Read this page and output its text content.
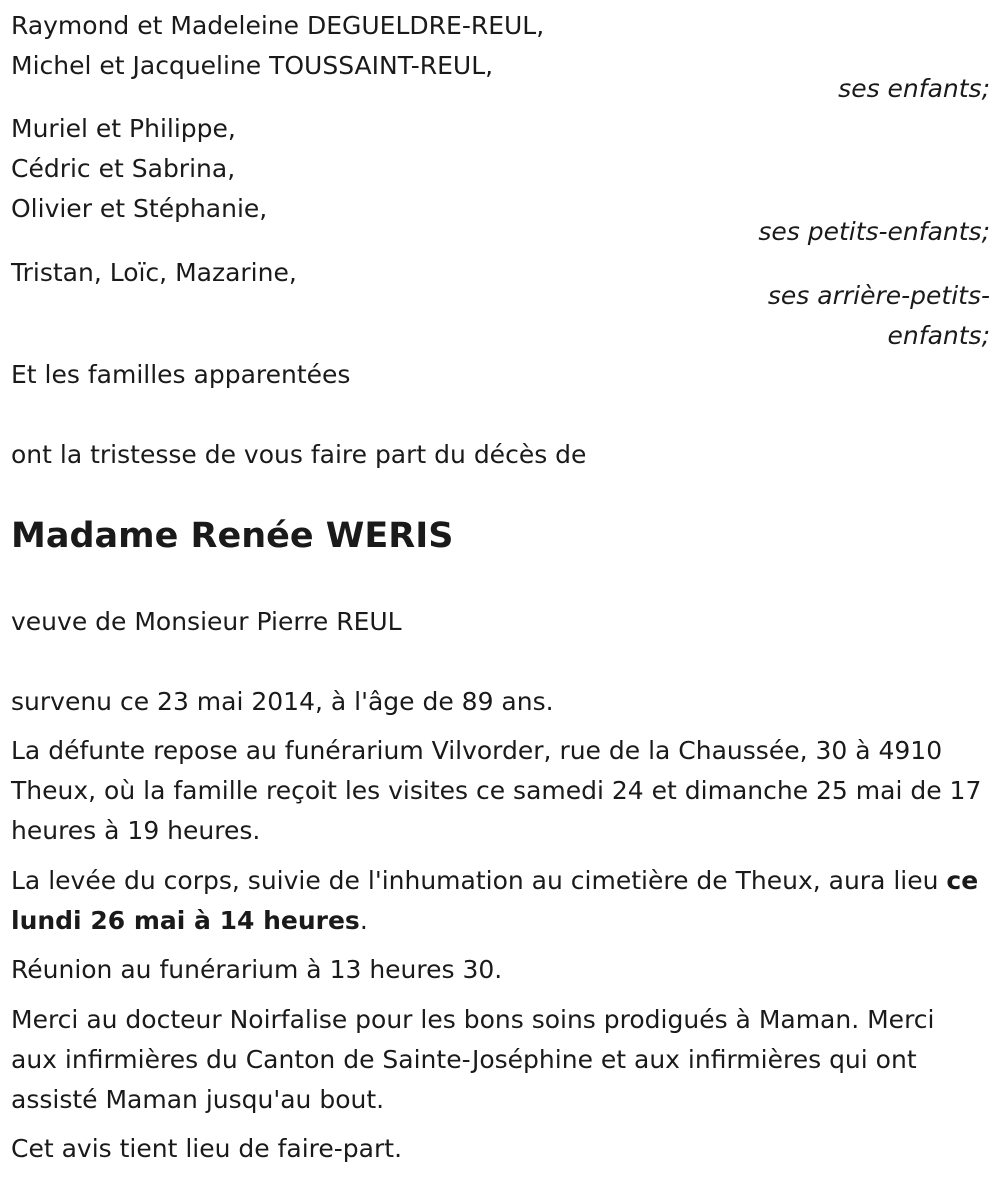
Raymond et Madeleine DEGUELDRE-REUL,
Michel et Jacqueline TOUSSAINT-REUL,
ses enfants;
Muriel et Philippe,
Cédric et Sabrina,
Olivier et Stéphanie,
ses petits-enfants;
Tristan, Loïc, Mazarine,
ses arrière-petits-
enfants;
Et les familles apparentées
ont la tristesse de vous faire part du décès de
Madame Renée WERIS
veuve de Monsieur Pierre REUL
survenu ce 23 mai 2014, à l'âge de 89 ans.
La défunte repose au funérarium Vilvorder, rue de la Chaussée, 30 à 4910 Theux, où la famille reçoit les visites ce samedi 24 et dimanche 25 mai de 17 heures à 19 heures.
La levée du corps, suivie de l'inhumation au cimetière de Theux, aura lieu ce lundi 26 mai à 14 heures.
Réunion au funérarium à 13 heures 30.
Merci au docteur Noirfalise pour les bons soins prodigués à Maman. Merci aux infirmières du Canton de Sainte-Joséphine et aux infirmières qui ont assisté Maman jusqu'au bout.
Cet avis tient lieu de faire-part.
